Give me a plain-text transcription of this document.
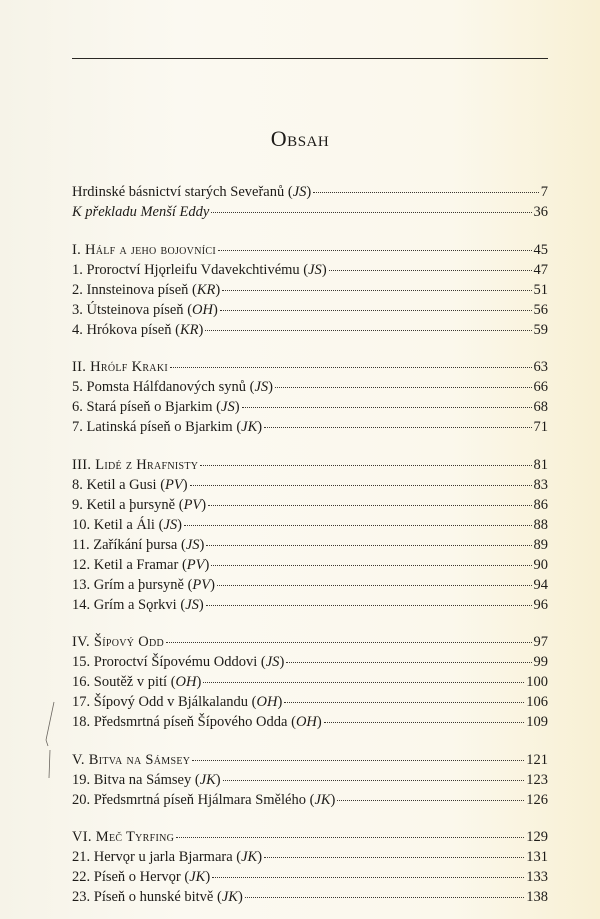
Obsah
Hrdinské básnictví starých Seveřanů (JS)	7
K překladu Menší Eddy	36
I. Hálf a jeho bojovníci	45
1. Proroctví Hjǫrleifu Vdavekchtivému (JS)	47
2. Innsteinova píseň (KR)	51
3. Útsteinova píseň (OH)	56
4. Hrókova píseň (KR)	59
II. Hrólf Kraki	63
5. Pomsta Hálfdanových synů (JS)	66
6. Stará píseň o Bjarkim (JS)	68
7. Latinská píseň o Bjarkim (JK)	71
III. Lidé z Hrafnisty	81
8. Ketil a Gusi (PV)	83
9. Ketil a þursyně (PV)	86
10. Ketil a Áli (JS)	88
11. Zaříkání þursa (JS)	89
12. Ketil a Framar (PV)	90
13. Grím a þursyně (PV)	94
14. Grím a Sǫrkvi (JS)	96
IV. Šípový Odd	97
15. Proroctví Šípovému Oddovi (JS)	99
16. Soutěž v pití (OH)	100
17. Šípový Odd v Bjálkalandu (OH)	106
18. Předsmrtná píseň Šípového Odda (OH)	109
V. Bitva na Sámsey	121
19. Bitva na Sámsey (JK)	123
20. Předsmrtná píseň Hjálmara Smělého (JK)	126
VI. Meč Tyrfing	129
21. Hervǫr u jarla Bjarmara (JK)	131
22. Píseň o Hervǫr (JK)	133
23. Píseň o hunské bitvě (JK)	138
